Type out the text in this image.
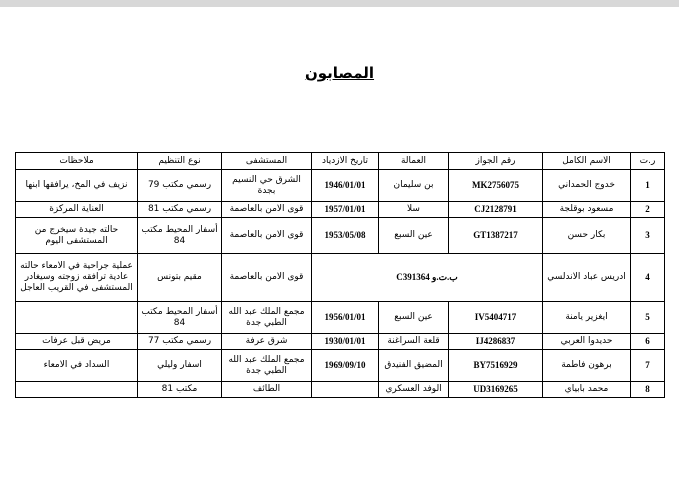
المصابون
ر.ت	الاسم الكامل	رقم الجواز	العمالة	تاريخ الازدياد	المستشفى	نوع التنظيم	ملاحظات
1	خدوج الحمداني	MK2756075	بن سليمان	1946/01/01	الشرق حي النسيم بجدة	رسمي مكتب 79	نزيف في المخ، يرافقها ابنها
2	مسعود بوقلجة	CJ2128791	سلا	1957/01/01	قوى الامن بالعاصمة	رسمي مكتب 81	العناية المركزة
3	بكار حسن	GT1387217	عين السبع	1953/05/08	قوى الامن بالعاصمة	أسفار المحيط مكتب 84	حالته جيدة سيخرج من المستشفى اليوم
4	ادريس عباد الاندلسي	ب.ت.و C391364			قوى الامن بالعاصمة	مقيم بتونس	عملية جراحية في الامعاء حالته عادية ترافقه زوجته وسيغادر المستشفى في القريب العاجل
5	ايغزير يامنة	IV5404717	عين السبع	1956/01/01	مجمع الملك عبد الله الطبي جدة	أسفار المحيط مكتب 84	
6	حديدوا العربي	IJ4286837	قلعة السراغنة	1930/01/01	شرق عرفة	رسمي مكتب 77	مريض قبل عرفات
7	برهون فاطمة	BY7516929	المضيق الفنيدق	1969/09/10	مجمع الملك عبد الله الطبي جدة	اسفار وليلي	السداد في الامعاء
8	محمد بابياي	UD3169265	الوفد العسكري		الطائف	مكتب 81	
